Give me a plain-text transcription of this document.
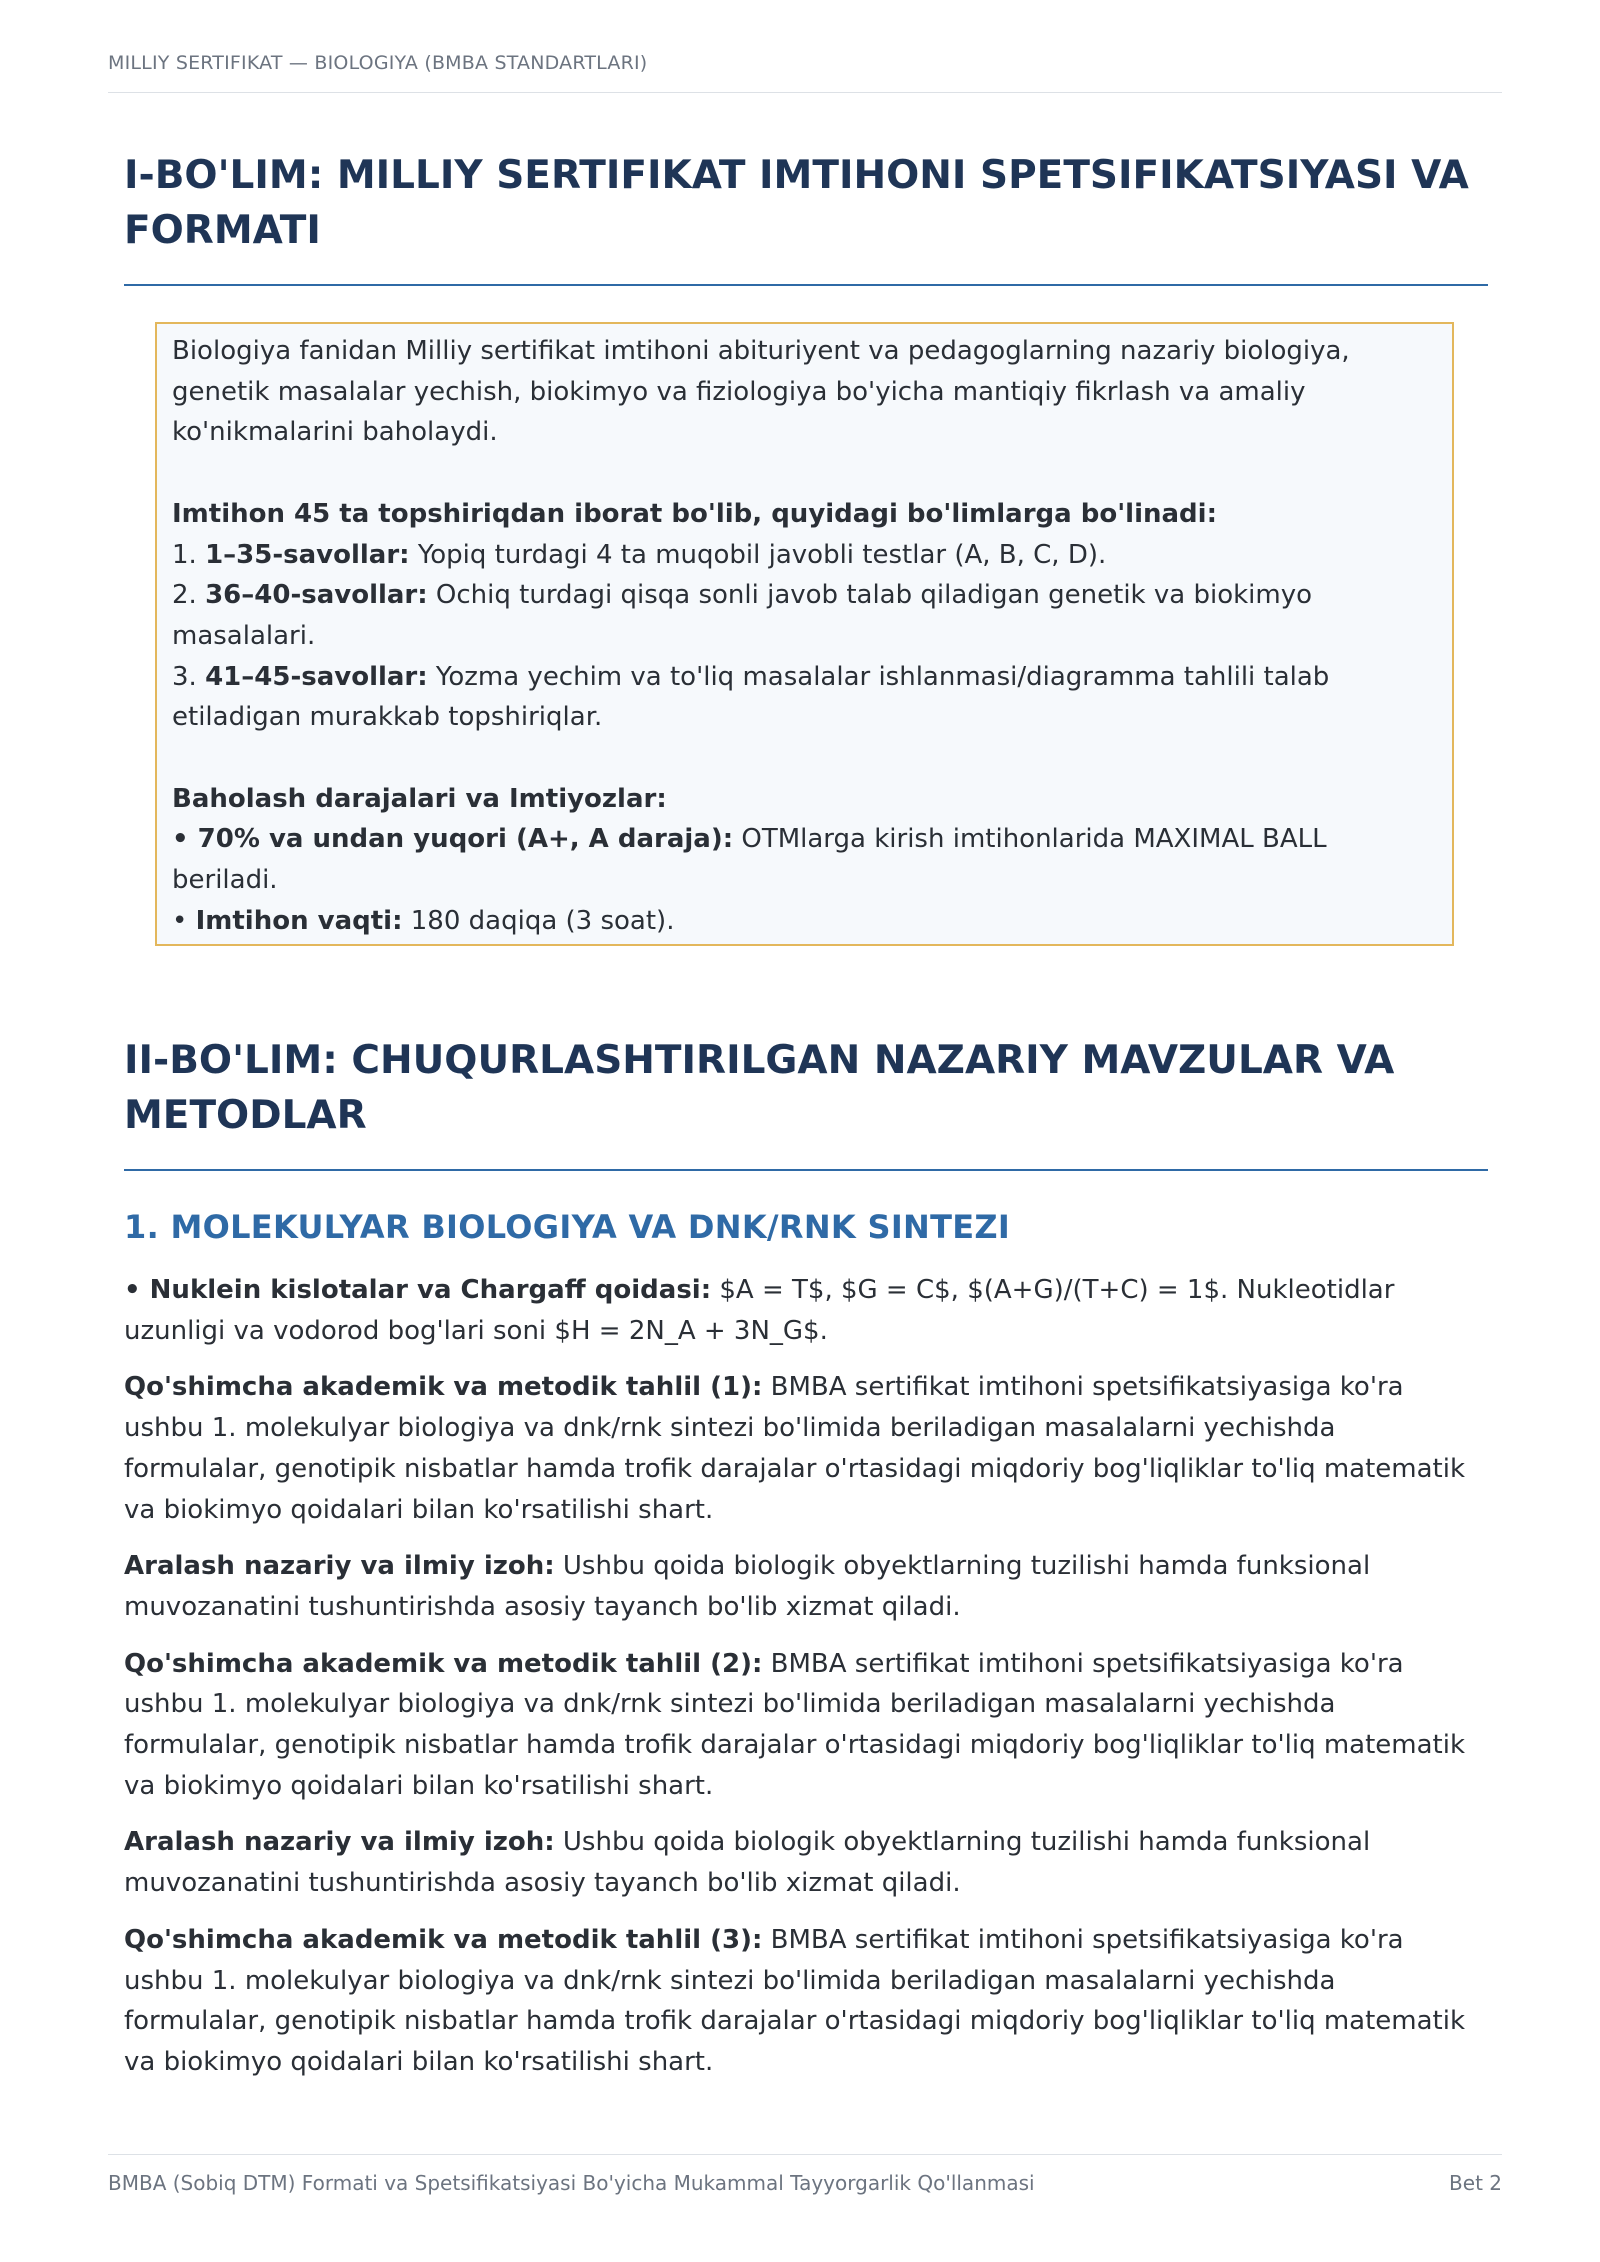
MILLIY SERTIFIKAT — BIOLOGIYA (BMBA STANDARTLARI)
I-BO'LIM: MILLIY SERTIFIKAT IMTIHONI SPETSIFIKATSIYASI VA FORMATI

Biologiya fanidan Milliy sertifikat imtihoni abituriyent va pedagoglarning nazariy biologiya, genetik masalalar yechish, biokimyo va fiziologiya bo'yicha mantiqiy fikrlash va amaliy ko'nikmalarini baholaydi.

Imtihon 45 ta topshiriqdan iborat bo'lib, quyidagi bo'limlarga bo'linadi:

1. 1–35-savollar: Yopiq turdagi 4 ta muqobil javobli testlar (A, B, C, D).

2. 36–40-savollar: Ochiq turdagi qisqa sonli javob talab qiladigan genetik va biokimyo masalalari.

3. 41–45-savollar: Yozma yechim va to'liq masalalar ishlanmasi/diagramma tahlili talab etiladigan murakkab topshiriqlar.

Baholash darajalari va Imtiyozlar:

• 70% va undan yuqori (A+, A daraja): OTMlarga kirish imtihonlarida MAXIMAL BALL beriladi.

• Imtihon vaqti: 180 daqiqa (3 soat).

II-BO'LIM: CHUQURLASHTIRILGAN NAZARIY MAVZULAR VA METODLAR
1. MOLEKULYAR BIOLOGIYA VA DNK/RNK SINTEZI

• Nuklein kislotalar va Chargaff qoidasi: $A = T$, $G = C$, $(A+G)/(T+C) = 1$. Nukleotidlar uzunligi va vodorod bog'lari soni $H = 2N_A + 3N_G$.

Qo'shimcha akademik va metodik tahlil (1): BMBA sertifikat imtihoni spetsifikatsiyasiga ko'ra ushbu 1. molekulyar biologiya va dnk/rnk sintezi bo'limida beriladigan masalalarni yechishda formulalar, genotipik nisbatlar hamda trofik darajalar o'rtasidagi miqdoriy bog'liqliklar to'liq matematik va biokimyo qoidalari bilan ko'rsatilishi shart.

Aralash nazariy va ilmiy izoh: Ushbu qoida biologik obyektlarning tuzilishi hamda funksional muvozanatini tushuntirishda asosiy tayanch bo'lib xizmat qiladi.

Qo'shimcha akademik va metodik tahlil (2): BMBA sertifikat imtihoni spetsifikatsiyasiga ko'ra ushbu 1. molekulyar biologiya va dnk/rnk sintezi bo'limida beriladigan masalalarni yechishda formulalar, genotipik nisbatlar hamda trofik darajalar o'rtasidagi miqdoriy bog'liqliklar to'liq matematik va biokimyo qoidalari bilan ko'rsatilishi shart.

Aralash nazariy va ilmiy izoh: Ushbu qoida biologik obyektlarning tuzilishi hamda funksional muvozanatini tushuntirishda asosiy tayanch bo'lib xizmat qiladi.

Qo'shimcha akademik va metodik tahlil (3): BMBA sertifikat imtihoni spetsifikatsiyasiga ko'ra ushbu 1. molekulyar biologiya va dnk/rnk sintezi bo'limida beriladigan masalalarni yechishda formulalar, genotipik nisbatlar hamda trofik darajalar o'rtasidagi miqdoriy bog'liqliklar to'liq matematik va biokimyo qoidalari bilan ko'rsatilishi shart.

BMBA (Sobiq DTM) Formati va Spetsifikatsiyasi Bo'yicha Mukammal Tayyorgarlik Qo'llanmasi	Bet 2
